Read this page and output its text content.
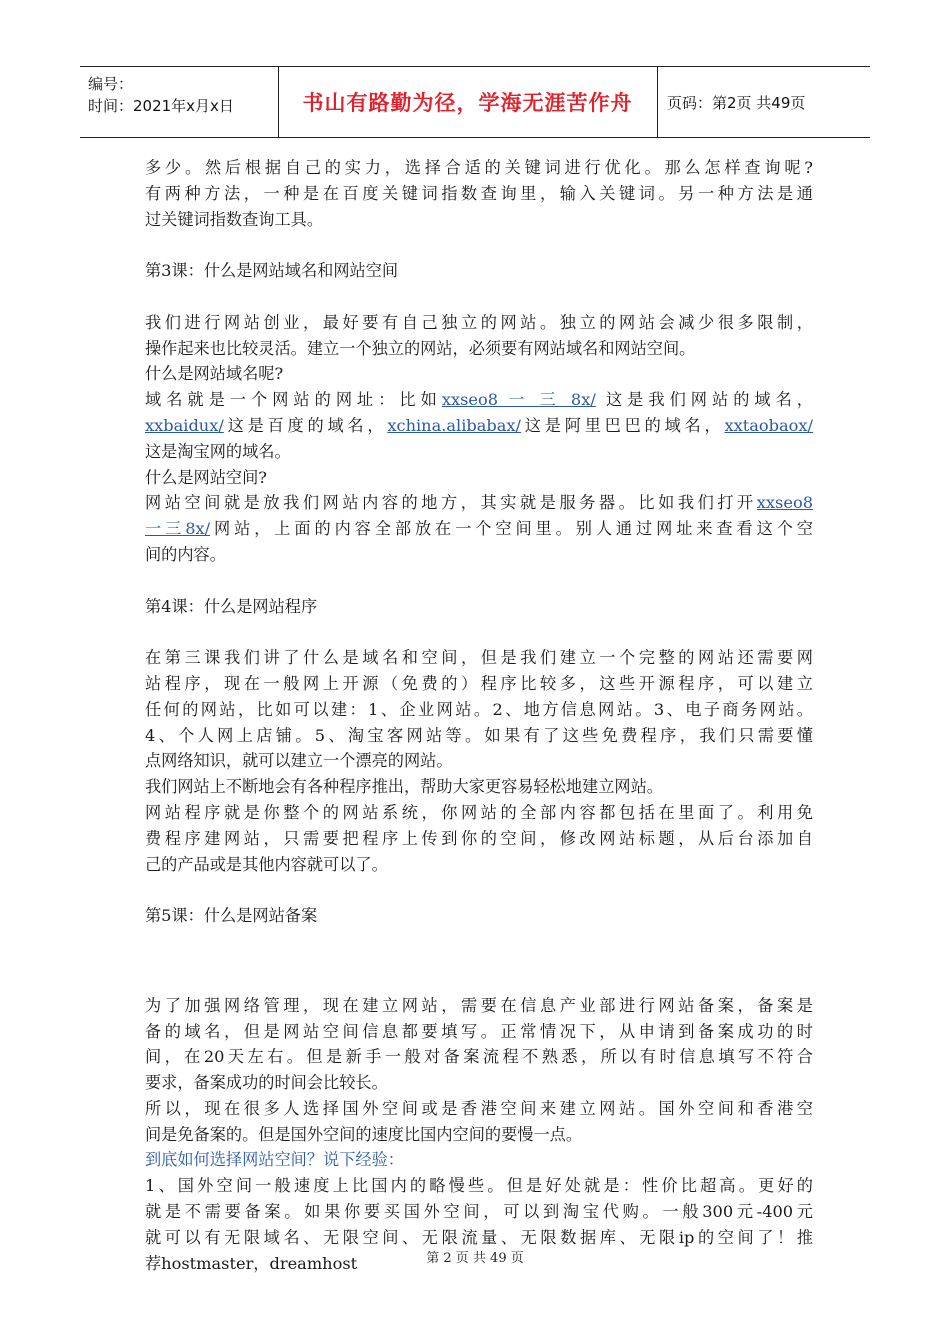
编号：
时间：2021年x月x日	书山有路勤为径，学海无涯苦作舟	页码：第2页 共49页

多少。然后根据自己的实力，选择合适的关键词进行优化。那么怎样查询呢?

有两种方法，一种是在百度关键词指数查询里，输入关键词。另一种方法是通

过关键词指数查询工具。

第3课：什么是网站域名和网站空间

我们进行网站创业，最好要有自己独立的网站。独立的网站会减少很多限制，

操作起来也比较灵活。建立一个独立的网站，必须要有网站域名和网站空间。

什么是网站域名呢?

域名就是一个网站的网址：比如xxseo8 一 三 8x/ 这是我们网站的域名，

xxbaidux/这是百度的域名，xchina.alibabax/这是阿里巴巴的域名，xxtaobaox/

这是淘宝网的域名。

什么是网站空间?

网站空间就是放我们网站内容的地方，其实就是服务器。比如我们打开xxseo8

一三8x/网站，上面的内容全部放在一个空间里。别人通过网址来查看这个空

间的内容。

第4课：什么是网站程序

在第三课我们讲了什么是域名和空间，但是我们建立一个完整的网站还需要网

站程序，现在一般网上开源（免费的）程序比较多，这些开源程序，可以建立

任何的网站，比如可以建：1、企业网站。2、地方信息网站。3、电子商务网站。

4、个人网上店铺。5、淘宝客网站等。如果有了这些免费程序，我们只需要懂

点网络知识，就可以建立一个漂亮的网站。

我们网站上不断地会有各种程序推出，帮助大家更容易轻松地建立网站。

网站程序就是你整个的网站系统，你网站的全部内容都包括在里面了。利用免

费程序建网站，只需要把程序上传到你的空间，修改网站标题，从后台添加自

己的产品或是其他内容就可以了。

第5课：什么是网站备案

为了加强网络管理，现在建立网站，需要在信息产业部进行网站备案，备案是

备的域名，但是网站空间信息都要填写。正常情况下，从申请到备案成功的时

间，在20天左右。但是新手一般对备案流程不熟悉，所以有时信息填写不符合

要求，备案成功的时间会比较长。

所以，现在很多人选择国外空间或是香港空间来建立网站。国外空间和香港空

间是免备案的。但是国外空间的速度比国内空间的要慢一点。

到底如何选择网站空间？说下经验：

1、国外空间一般速度上比国内的略慢些。但是好处就是：性价比超高。更好的

就是不需要备案。如果你要买国外空间，可以到淘宝代购。一般300元-400元

就可以有无限域名、无限空间、无限流量、无限数据库、无限ip的空间了！推

荐hostmaster，dreamhost	第 2 页 共 49 页
